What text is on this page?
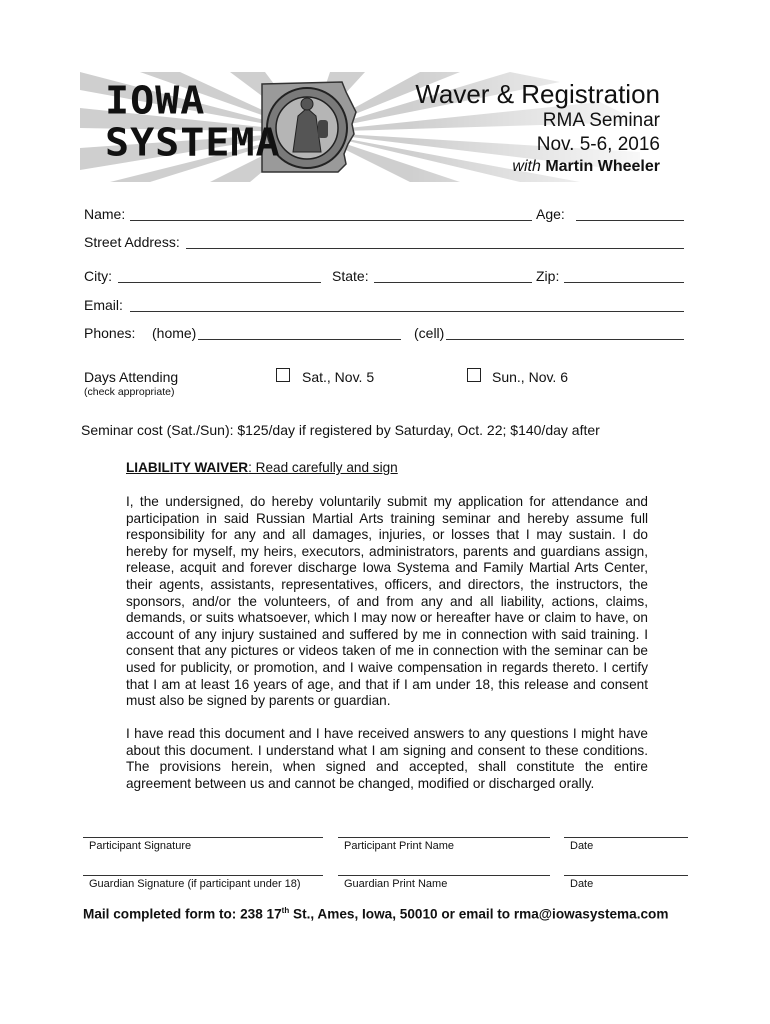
IOWA
SYSTEMA
Waver & Registration
RMA Seminar
Nov. 5-6, 2016
with Martin Wheeler
Name:	Age:
Street Address:
City:	State:	Zip:
Email:
Phones: (home)	(cell)
Days Attending
(check appropriate)
Sat., Nov. 5	Sun., Nov. 6
Seminar cost (Sat./Sun): $125/day if registered by Saturday, Oct. 22; $140/day after
LIABILITY WAIVER: Read carefully and sign
I, the undersigned, do hereby voluntarily submit my application for attendance and participation in said Russian Martial Arts training seminar and hereby assume full responsibility for any and all damages, injuries, or losses that I may sustain. I do hereby for myself, my heirs, executors, administrators, parents and guardians assign, release, acquit and forever discharge Iowa Systema and Family Martial Arts Center, their agents, assistants, representatives, officers, and directors, the instructors, the sponsors, and/or the volunteers, of and from any and all liability, actions, claims, demands, or suits whatsoever, which I may now or hereafter have or claim to have, on account of any injury sustained and suffered by me in connection with said training. I consent that any pictures or videos taken of me in connection with the seminar can be used for publicity, or promotion, and I waive compensation in regards thereto. I certify that I am at least 16 years of age, and that if I am under 18, this release and consent must also be signed by parents or guardian.
I have read this document and I have received answers to any questions I might have about this document. I understand what I am signing and consent to these conditions. The provisions herein, when signed and accepted, shall constitute the entire agreement between us and cannot be changed, modified or discharged orally.
Participant Signature	Participant Print Name	Date
Guardian Signature (if participant under 18)	Guardian Print Name	Date
Mail completed form to: 238 17th St., Ames, Iowa, 50010 or email to rma@iowasystema.com
